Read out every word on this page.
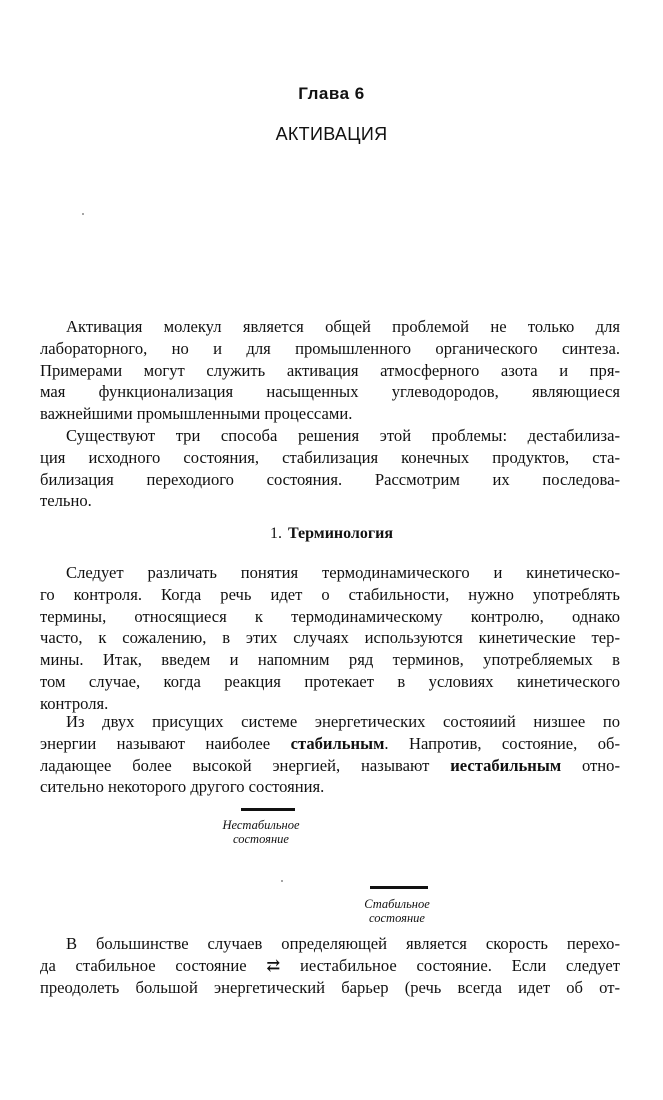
Глава 6
АКТИВАЦИЯ
Активация молекул является общей проблемой не только для
лабораторного, но и для промышленного органического синтеза.
Примерами могут служить активация атмосферного азота и пря-
мая функционализация насыщенных углеводородов, являющиеся
важнейшими промышленными процессами.
Существуют три способа решения этой проблемы: дестабилиза-
ция исходного состояния, стабилизация конечных продуктов, ста-
билизация переходиого состояния. Рассмотрим их последова-
тельно.
1. Терминология
Следует различать понятия термодинамического и кинетическо-
го контроля. Когда речь идет о стабильности, нужно употреблять
термины, относящиеся к термодинамическому контролю, однако
часто, к сожалению, в этих случаях используются кинетические тер-
мины. Итак, введем и напомним ряд терминов, употребляемых в
том случае, когда реакция протекает в условиях кинетического
контроля.
Из двух присущих системе энергетических состояиий низшее по
энергии называют наиболее стабильным. Напротив, состояние, об-
ладающее более высокой энергией, называют иестабильным отно-
сительно некоторого другого состояния.
Нестабильное
состояние
Стабильное
состояние
В большинстве случаев определяющей является скорость перехо-
да стабильное состояние ⇄ иестабильное состояние. Если следует
преодолеть большой энергетический барьер (речь всегда идет об от-
